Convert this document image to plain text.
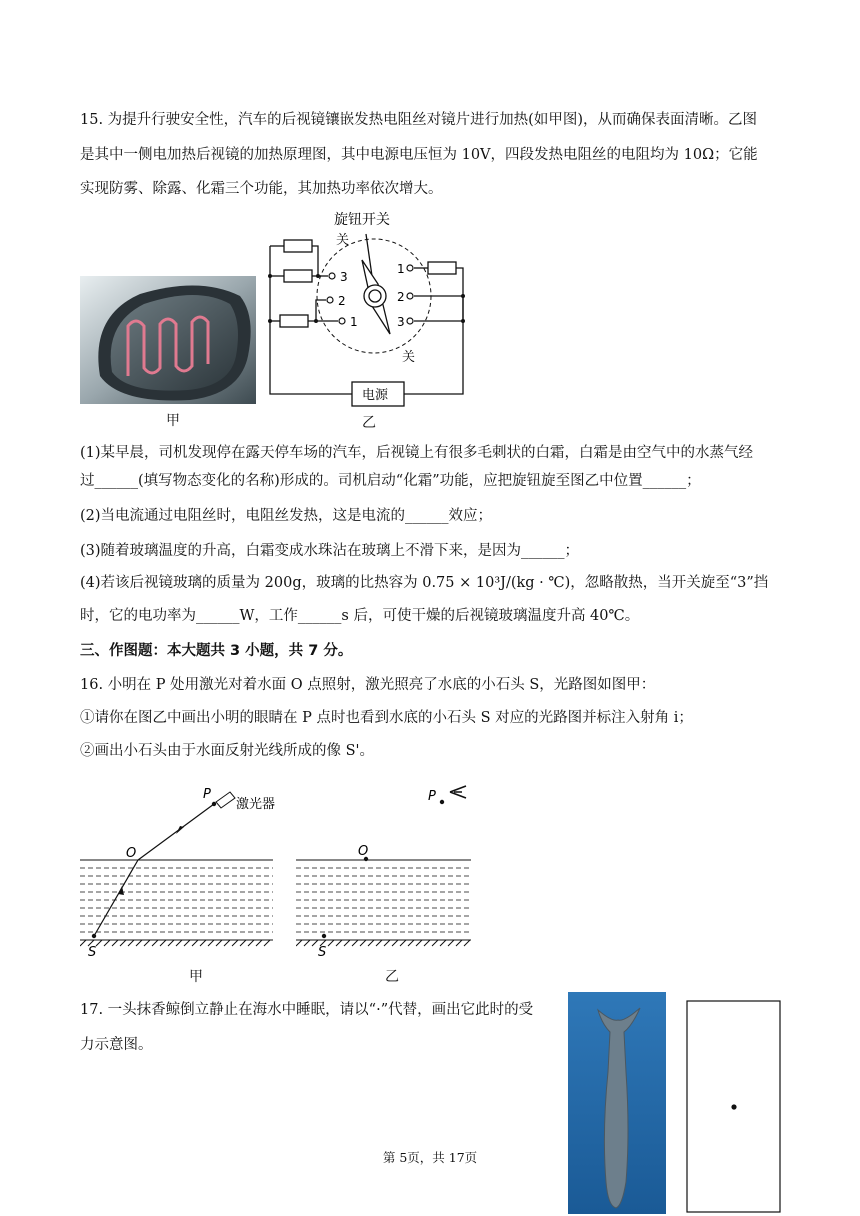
15. 为提升行驶安全性，汽车的后视镜镶嵌发热电阻丝对镜片进行加热(如甲图)，从而确保表面清晰。乙图
是其中一侧电加热后视镜的加热原理图，其中电源电压恒为 10V，四段发热电阻丝的电阻均为 10Ω；它能
实现防雾、除露、化霜三个功能，其加热功率依次增大。
甲
旋钮开关
关
关
3
2
1
1
2
3
电源
乙
(1)某早晨，司机发现停在露天停车场的汽车，后视镜上有很多毛刺状的白霜，白霜是由空气中的水蒸气经
过______(填写物态变化的名称)形成的。司机启动“化霜”功能，应把旋钮旋至图乙中位置______；
(2)当电流通过电阻丝时，电阻丝发热，这是电流的______效应；
(3)随着玻璃温度的升高，白霜变成水珠沾在玻璃上不滑下来，是因为______；
(4)若该后视镜玻璃的质量为 200g，玻璃的比热容为 0.75 × 10³J/(kg · ℃)，忽略散热，当开关旋至“3”挡
时，它的电功率为______W，工作______s 后，可使干燥的后视镜玻璃温度升高 40℃。
三、作图题：本大题共 3 小题，共 7 分。
16. 小明在 P 处用激光对着水面 O 点照射，激光照亮了水底的小石头 S，光路图如图甲：
①请你在图乙中画出小明的眼睛在 P 点时也看到水底的小石头 S 对应的光路图并标注入射角 i；
②画出小石头由于水面反射光线所成的像 S'。
P
激光器
O
S
甲
P
O
S
乙
17. 一头抹香鲸倒立静止在海水中睡眠，请以“·”代替，画出它此时的受
力示意图。
第 5页，共 17页
